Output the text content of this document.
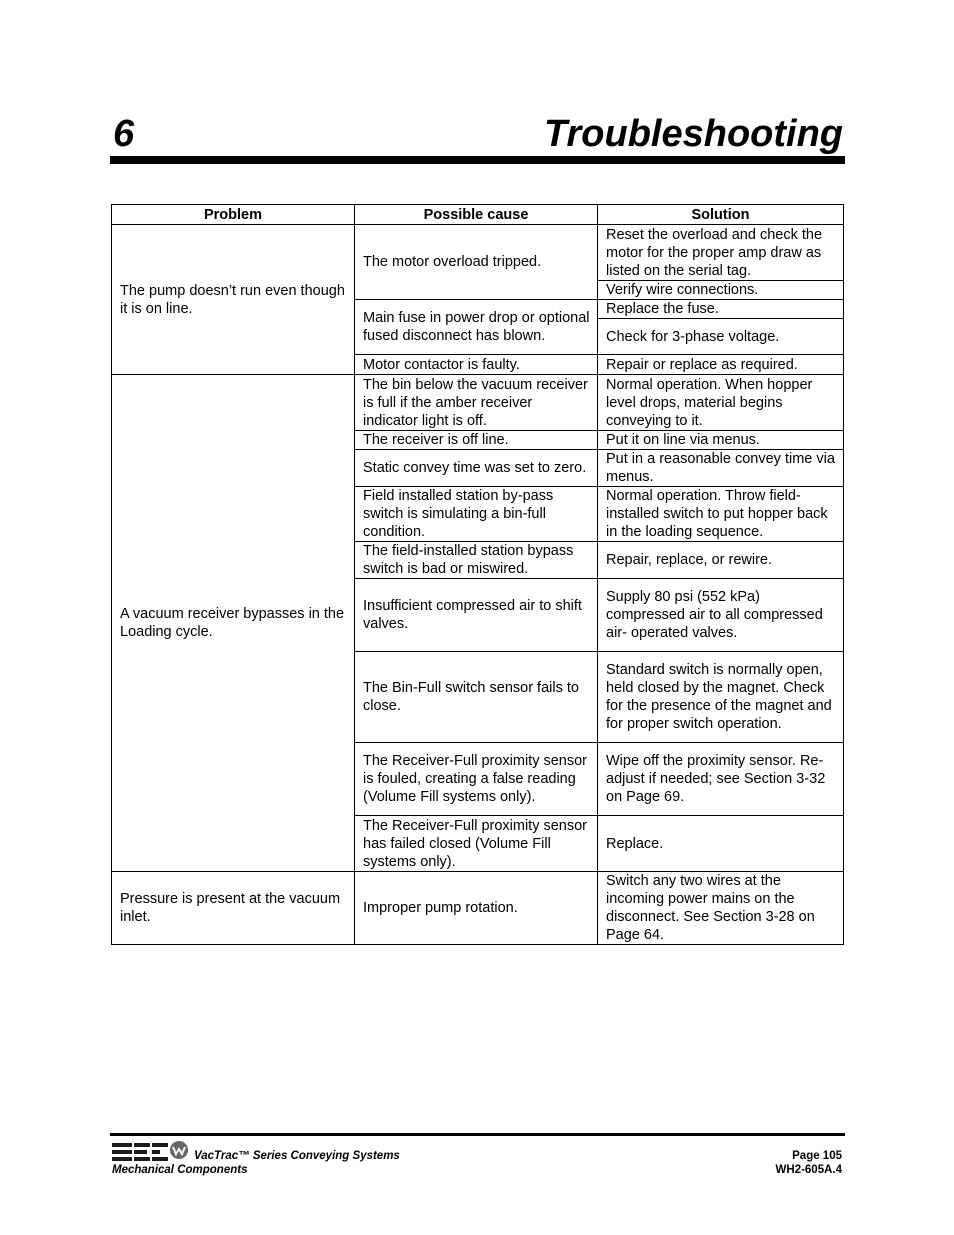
6	Troubleshooting
Problem	Possible cause	Solution
The pump doesn’t run even though it is on line.	The motor overload tripped.	Reset the overload and check the motor for the proper amp draw as listed on the serial tag.
		Verify wire connections.
	Main fuse in power drop or optional fused disconnect has blown.	Replace the fuse.
		Check for 3-phase voltage.
	Motor contactor is faulty.	Repair or replace as required.
A vacuum receiver bypasses in the Loading cycle.	The bin below the vacuum receiver is full if the amber receiver indicator light is off.	Normal operation. When hopper level drops, material begins conveying to it.
	The receiver is off line.	Put it on line via menus.
	Static convey time was set to zero.	Put in a reasonable convey time via menus.
	Field installed station by-pass switch is simulating a bin-full condition.	Normal operation. Throw field-installed switch to put hopper back in the loading sequence.
	The field-installed station bypass switch is bad or miswired.	Repair, replace, or rewire.
	Insufficient compressed air to shift valves.	Supply 80 psi (552 kPa) compressed air to all compressed air- operated valves.
	The Bin-Full switch sensor fails to close.	Standard switch is normally open, held closed by the magnet. Check for the presence of the magnet and for proper switch operation.
	The Receiver-Full proximity sensor is fouled, creating a false reading (Volume Fill systems only).	Wipe off the proximity sensor. Re-adjust if needed; see Section 3-32 on Page 69.
	The Receiver-Full proximity sensor has failed closed (Volume Fill systems only).	Replace.
Pressure is present at the vacuum inlet.	Improper pump rotation.	Switch any two wires at the incoming power mains on the disconnect. See Section 3-28 on Page 64.
VacTrac™ Series Conveying Systems
Mechanical Components
Page 105
WH2-605A.4
